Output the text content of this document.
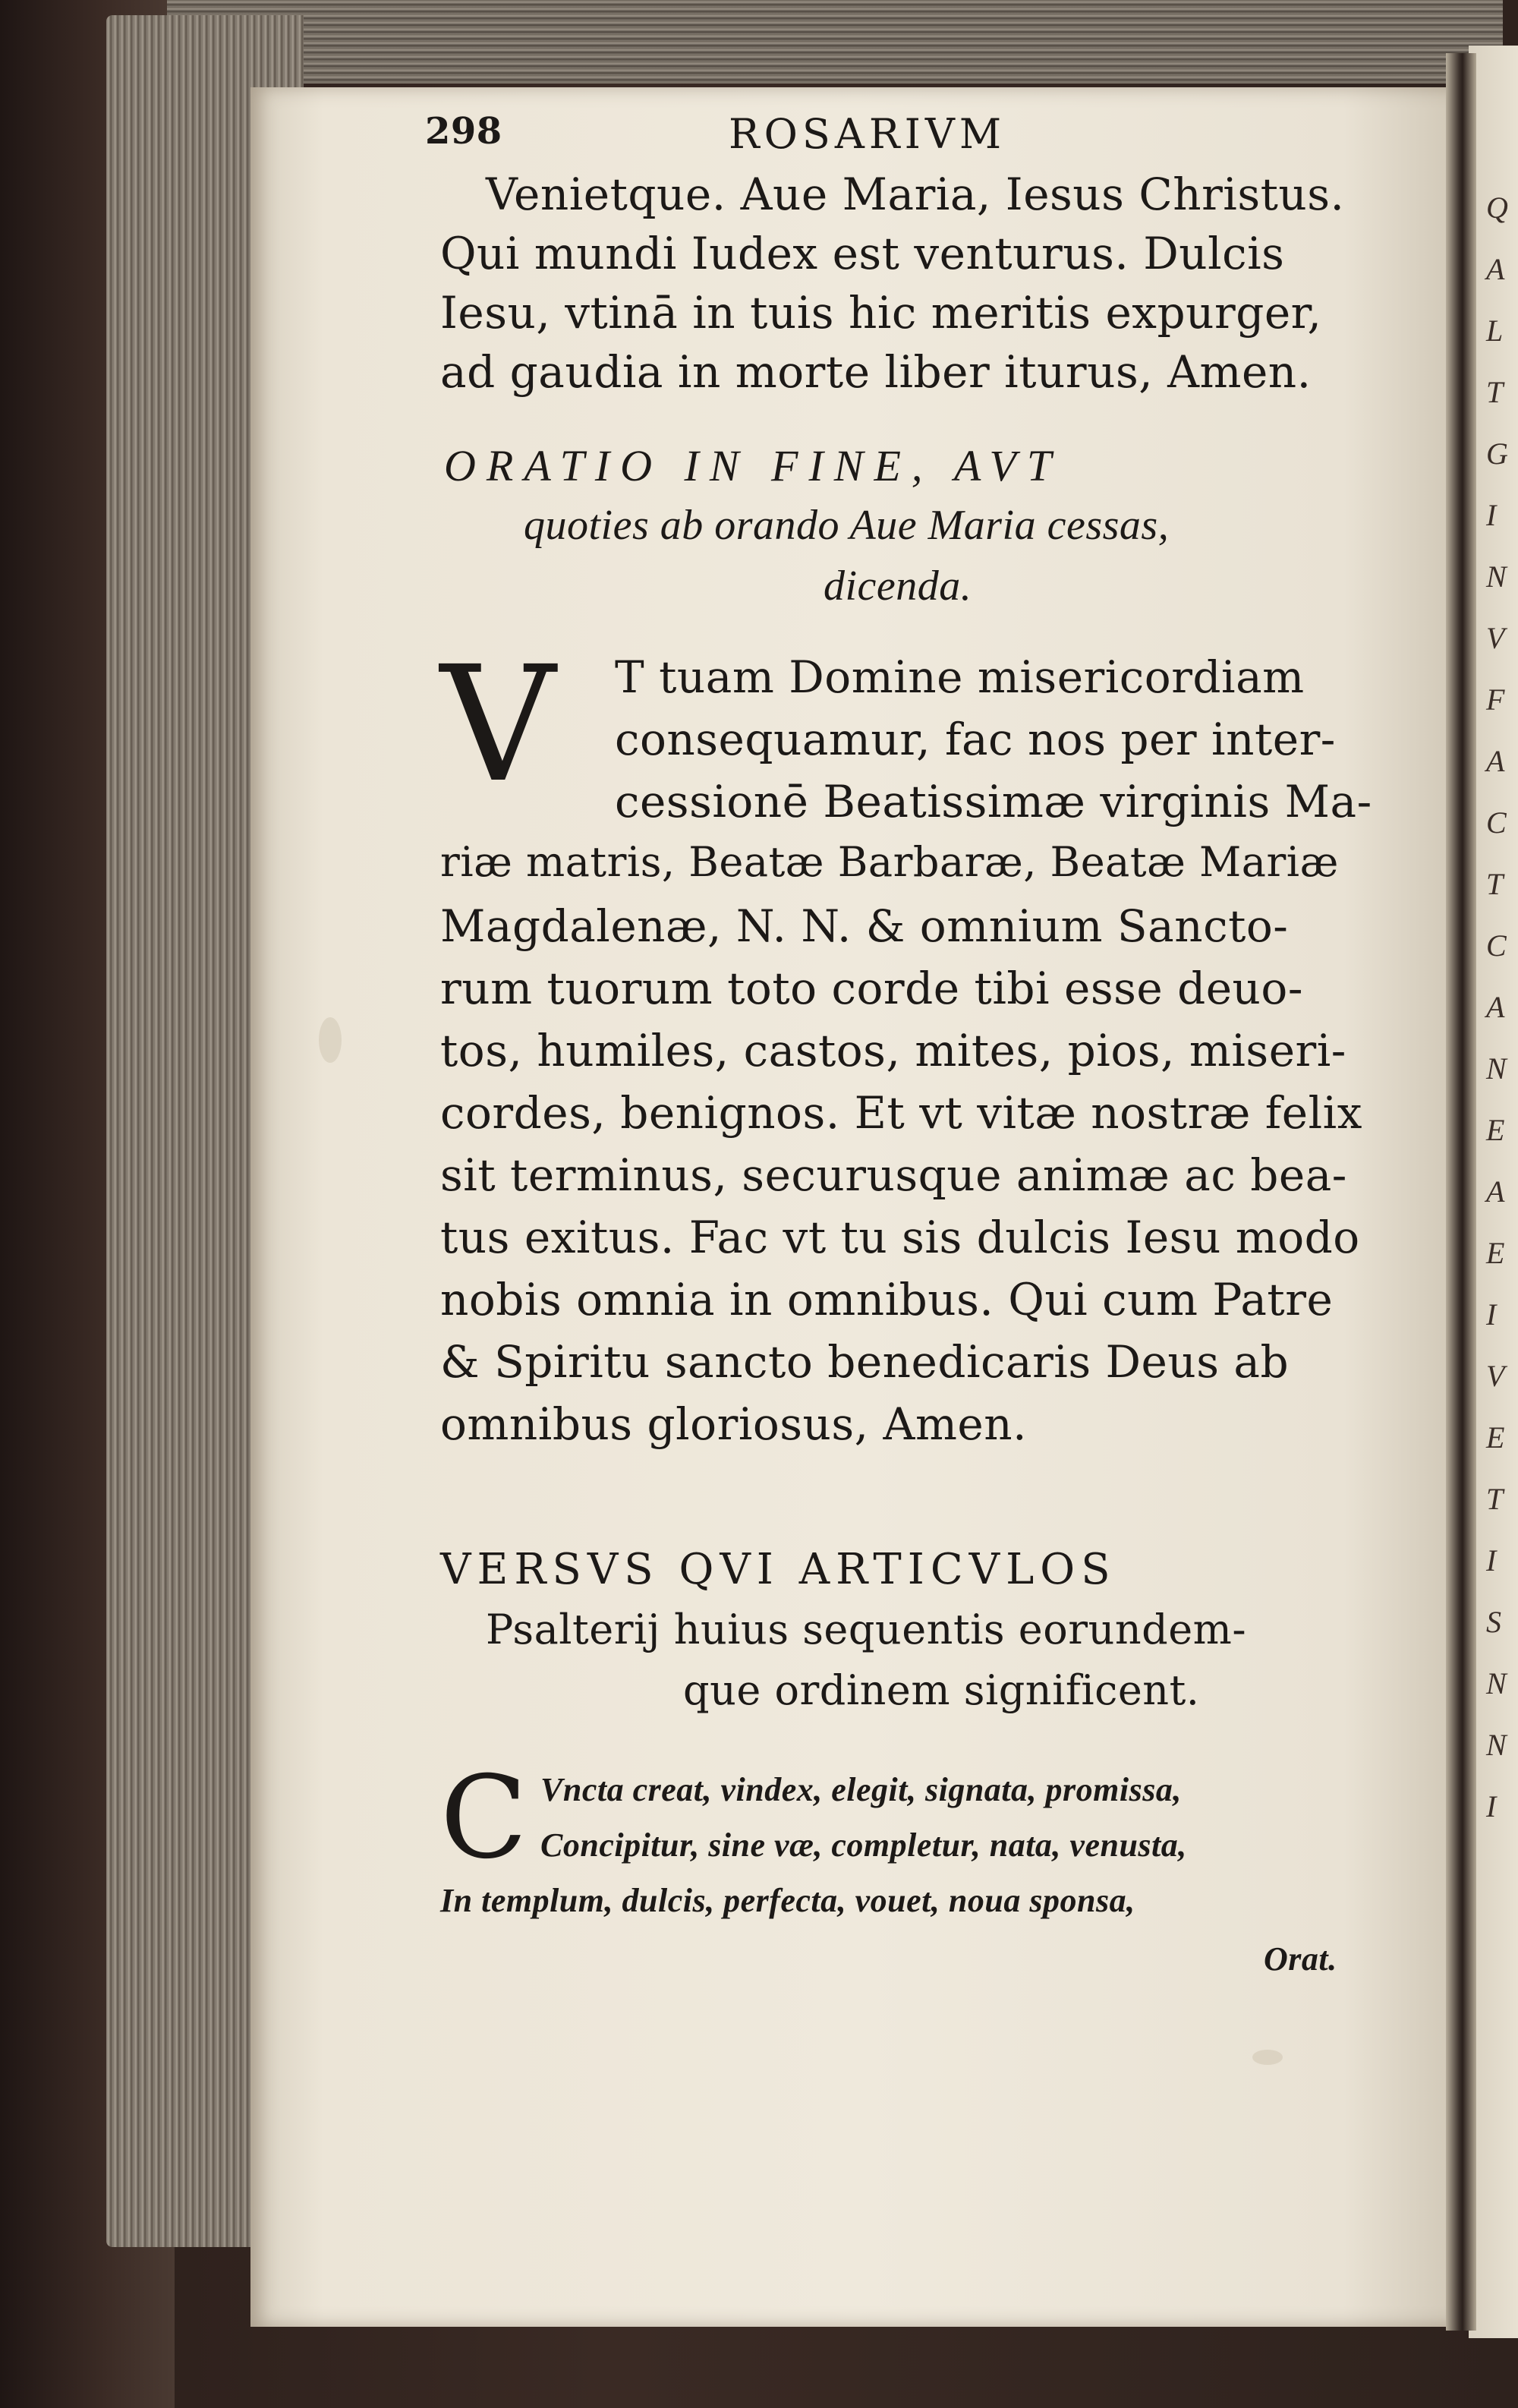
298	ROSARIVM
Venietque. Aue Maria, Iesus Christus.
Qui mundi Iudex est venturus. Dulcis
Iesu, vtinā in tuis hic meritis expurger,
ad gaudia in morte liber iturus, Amen.
ORATIO IN FINE, AVT
quoties ab orando Aue Maria cessas,
dicenda.
V T tuam Domine misericordiam
consequamur, fac nos per inter-
cessionē Beatissimæ virginis Ma-
riæ matris, Beatæ Barbaræ, Beatæ Mariæ
Magdalenæ, N. N. & omnium Sancto-
rum tuorum toto corde tibi esse deuo-
tos, humiles, castos, mites, pios, miseri-
cordes, benignos. Et vt vitæ nostræ felix
sit terminus, securusque animæ ac bea-
tus exitus. Fac vt tu sis dulcis Iesu modo
nobis omnia in omnibus. Qui cum Patre
& Spiritu sancto benedicaris Deus ab
omnibus gloriosus, Amen.
VERSVS QVI ARTICVLOS
Psalterij huius sequentis eorundem-
que ordinem significent.
C Vncta creat, vindex, elegit, signata, promissa,
Concipitur, sine væ, completur, nata, venusta,
In templum, dulcis, perfecta, vouet, noua sponsa,
Orat.
Q
A
L
T
G
I
N
V
F
A
C
T
C
A
N
E
A
E
I
V
E
T
I
S
N
N
I
